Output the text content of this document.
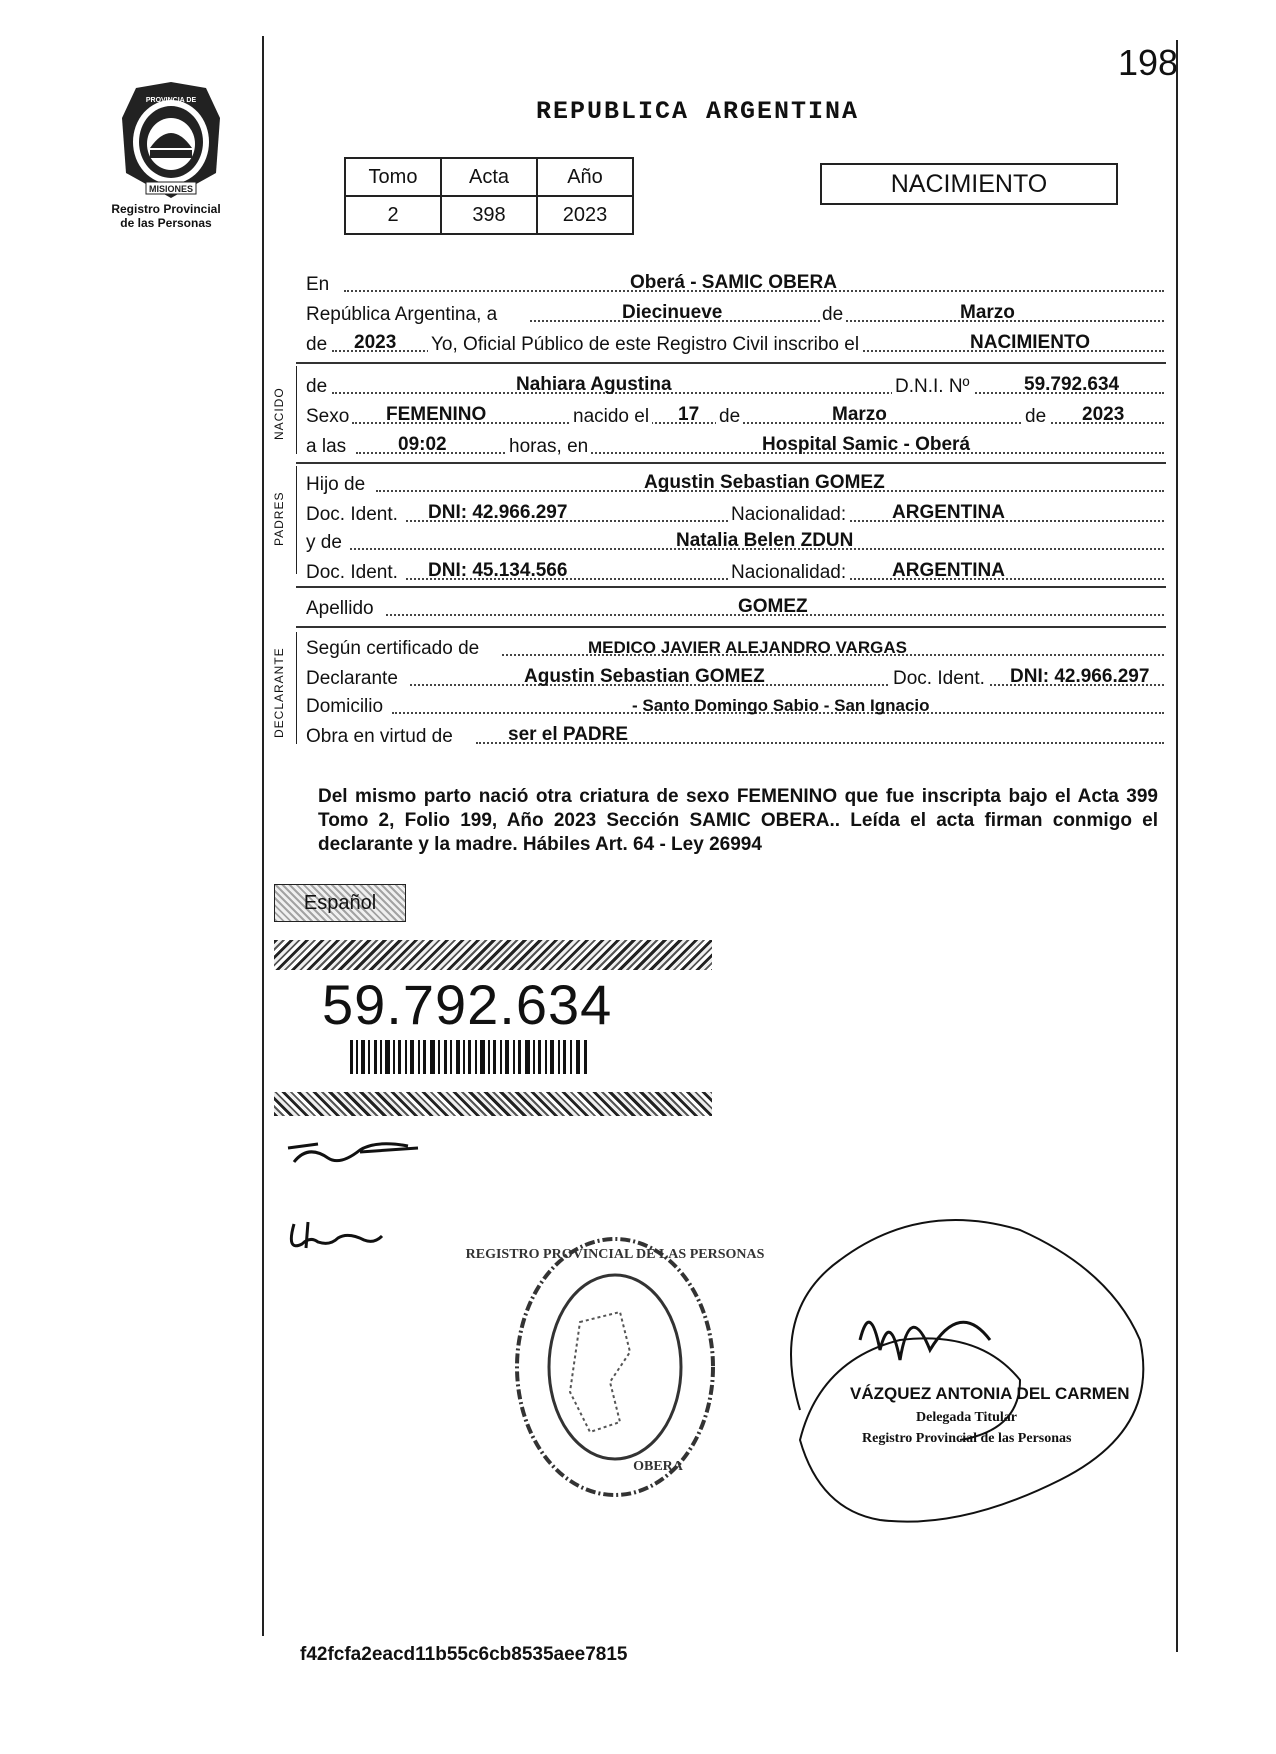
198
MISIONES
PROVINCIA DE
Registro Provincial
de las Personas
REPUBLICA ARGENTINA
Tomo	Acta	Año
2	398	2023
NACIMIENTO
En	Oberá - SAMIC OBERA
República Argentina, a	Diecinueve	de	Marzo
de 2023 Yo, Oficial Público de este Registro Civil inscribo el	NACIMIENTO
NACIDO
de	Nahiara Agustina	D.N.I. Nº	59.792.634
Sexo FEMENINO	nacido el 17 de	Marzo	de 2023
a las	09:02	horas, en	Hospital Samic - Oberá
PADRES
Hijo de	Agustin Sebastian GOMEZ
Doc. Ident. DNI: 42.966.297	Nacionalidad: ARGENTINA
y de	Natalia Belen ZDUN
Doc. Ident. DNI: 45.134.566	Nacionalidad: ARGENTINA
Apellido	GOMEZ
DECLARANTE Según certificado de	MEDICO JAVIER ALEJANDRO VARGAS
Declarante	Agustin Sebastian GOMEZ	Doc. Ident. DNI: 42.966.297
Domicilio	- Santo Domingo Sabio - San Ignacio
Obra en virtud de	ser el PADRE
Del mismo parto nació otra criatura de sexo FEMENINO que fue inscripta bajo el Acta 399 Tomo 2, Folio 199, Año 2023 Sección SAMIC OBERA.. Leída el acta firman conmigo el declarante y la madre. Hábiles Art. 64 - Ley 26994
Español
59.792.634
REGISTRO PROVINCIAL DE LAS PERSONAS
OBERA
VÁZQUEZ ANTONIA DEL CARMEN
Delegada Titular
Registro Provincial de las Personas
f42fcfa2eacd11b55c6cb8535aee7815
